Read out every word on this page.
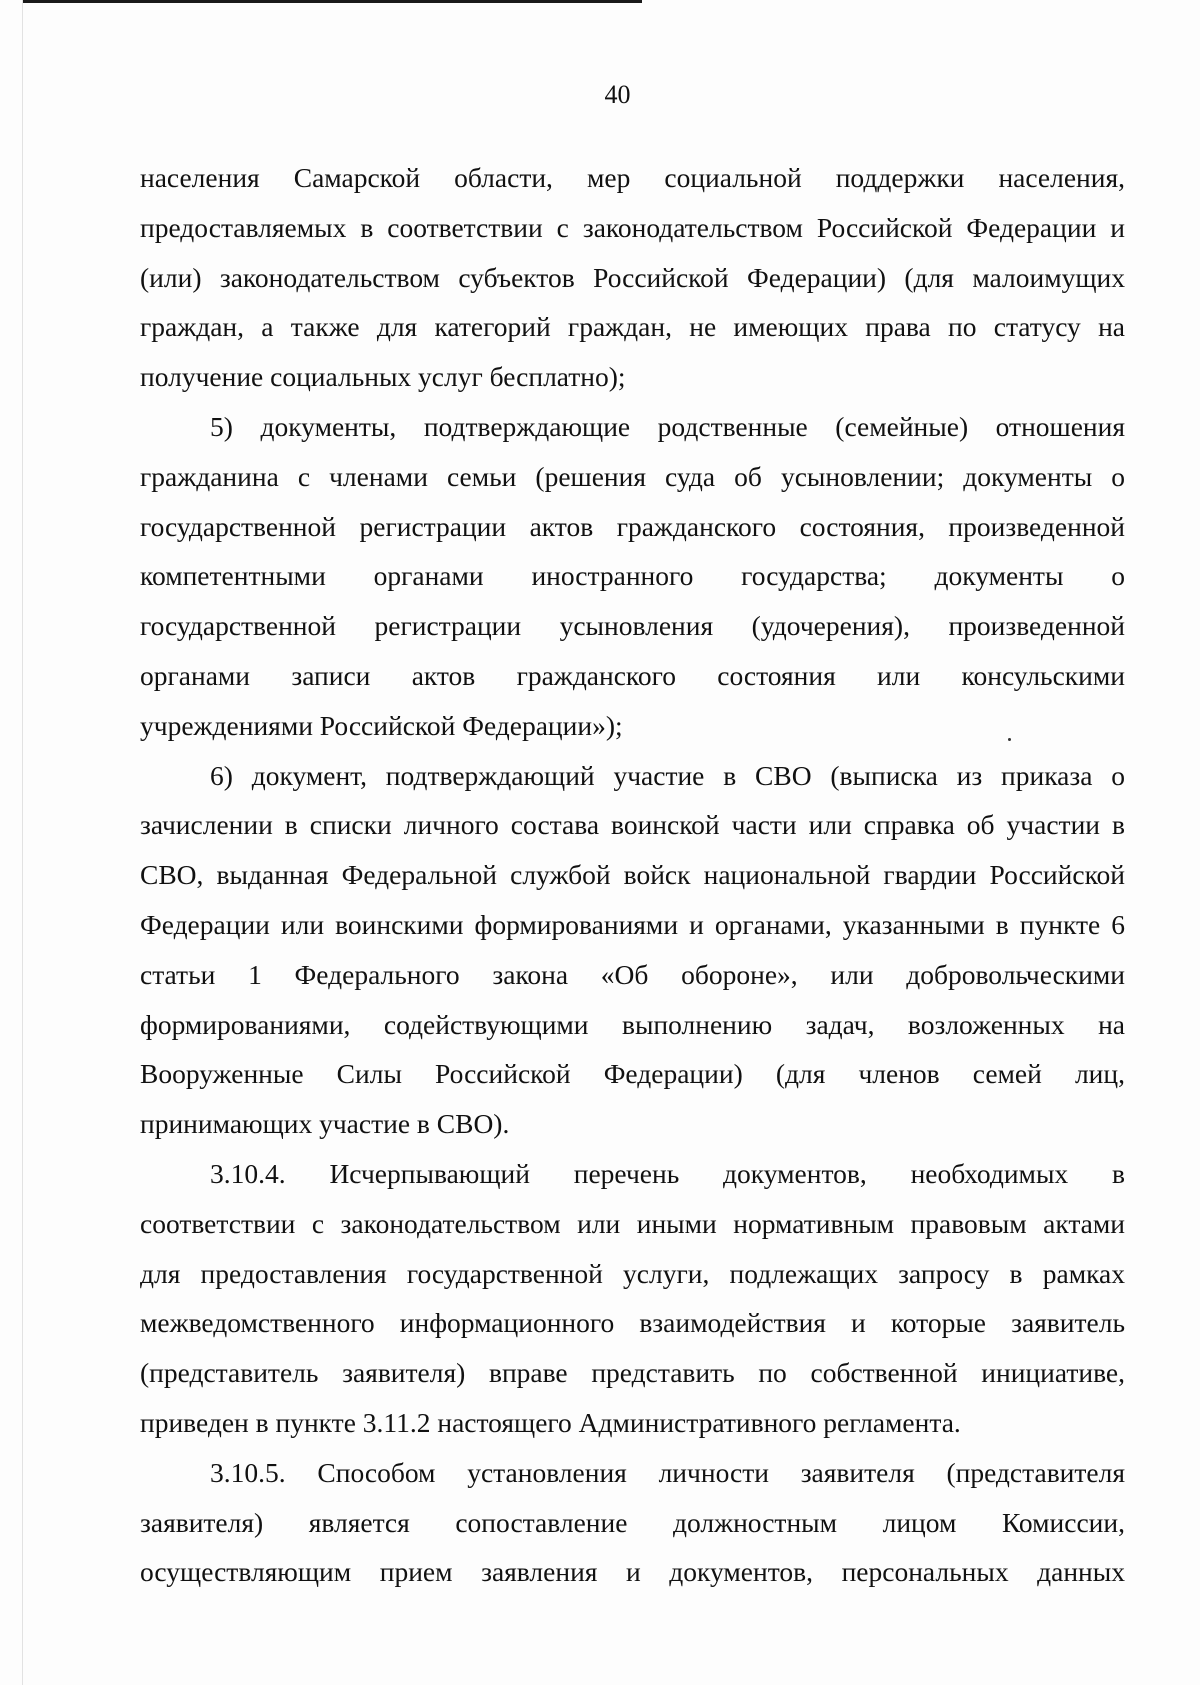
40
населения Самарской области, мер социальной поддержки населения,
предоставляемых в соответствии с законодательством Российской Федерации и
(или) законодательством субъектов Российской Федерации) (для малоимущих
граждан, а также для категорий граждан, не имеющих права по статусу на
получение социальных услуг бесплатно);
5) документы, подтверждающие родственные (семейные) отношения
гражданина с членами семьи (решения суда об усыновлении; документы о
государственной регистрации актов гражданского состояния, произведенной
компетентными органами иностранного государства; документы о
государственной регистрации усыновления (удочерения), произведенной
органами записи актов гражданского состояния или консульскими
учреждениями Российской Федерации»);
6) документ, подтверждающий участие в СВО (выписка из приказа о
зачислении в списки личного состава воинской части или справка об участии в
СВО, выданная Федеральной службой войск национальной гвардии Российской
Федерации или воинскими формированиями и органами, указанными в пункте 6
статьи 1 Федерального закона «Об обороне», или добровольческими
формированиями, содействующими выполнению задач, возложенных на
Вооруженные Силы Российской Федерации) (для членов семей лиц,
принимающих участие в СВО).
3.10.4. Исчерпывающий перечень документов, необходимых в
соответствии с законодательством или иными нормативным правовым актами
для предоставления государственной услуги, подлежащих запросу в рамках
межведомственного информационного взаимодействия и которые заявитель
(представитель заявителя) вправе представить по собственной инициативе,
приведен в пункте 3.11.2 настоящего Административного регламента.
3.10.5. Способом установления личности заявителя (представителя
заявителя) является сопоставление должностным лицом Комиссии,
осуществляющим прием заявления и документов, персональных данных
